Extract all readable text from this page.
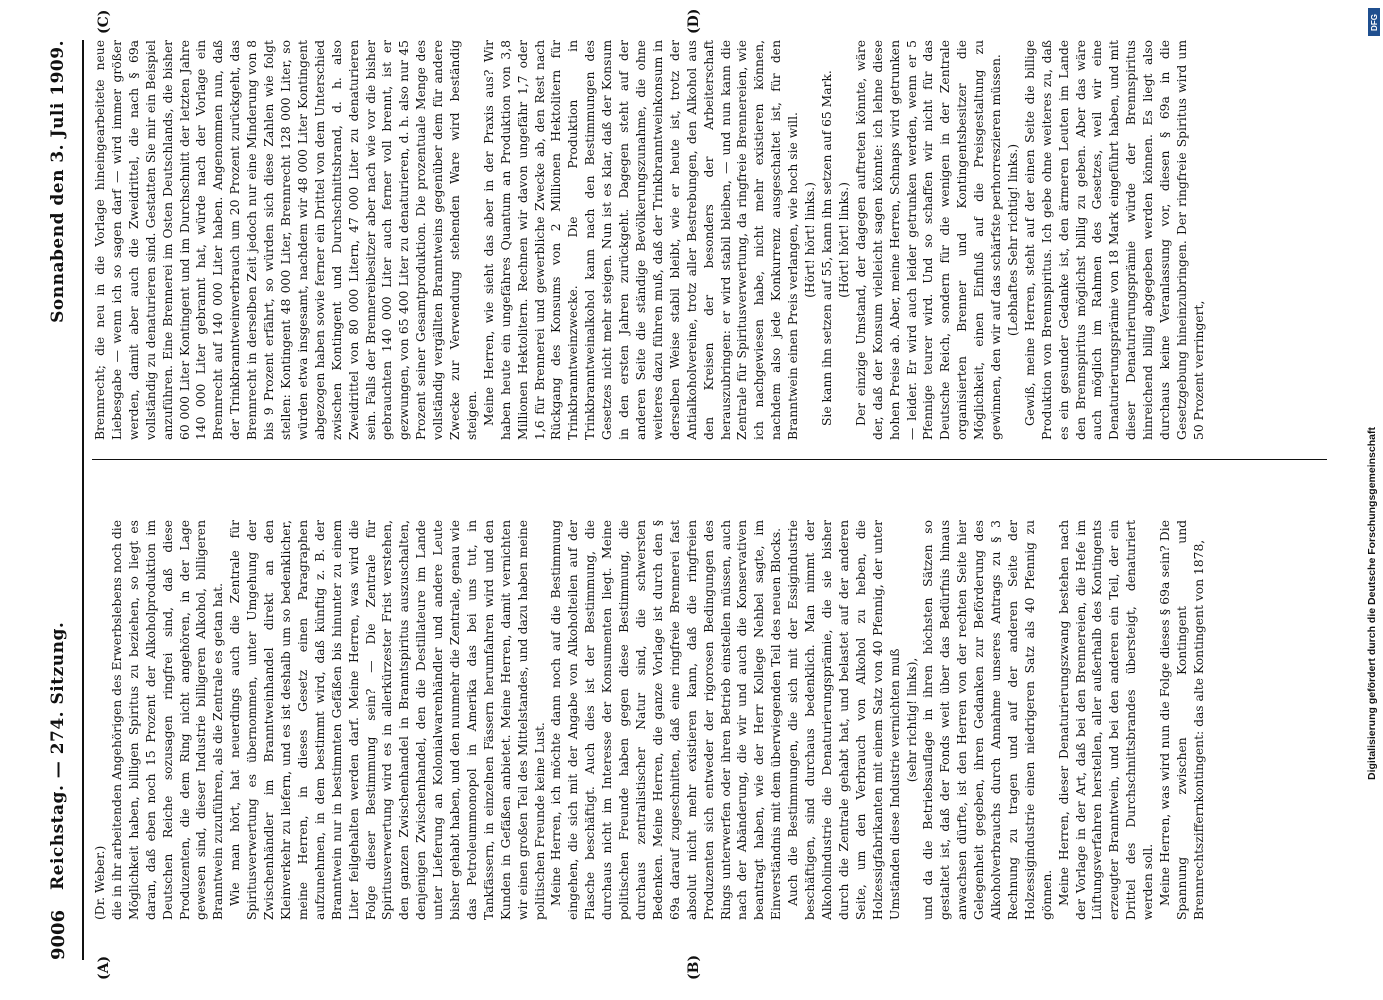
9006
Reichstag. — 274. Sitzung.
Sonnabend den 3. Juli 1909.
(A)	(B)
(C)	(D)

(Dr. Weber.) die in ihr arbeitenden Angehörigen des Erwerbslebens noch die Möglichkeit haben, billigen Spiritus zu beziehen, so liegt es daran, daß eben noch 15 Prozent der Alkoholproduktion im Deutschen Reiche sozusagen ringfrei sind, daß diese Produzenten, die dem Ring nicht angehören, in der Lage gewesen sind, dieser Industrie billigeren Alkohol, billigeren Branntwein zuzuführen, als die Zentrale es getan hat. Wie man hört, hat neuerdings auch die Zentrale für Spiritusverwertung es übernommen, unter Umgehung der Zwischenhändler im Branntweinhandel direkt an den Kleinverkehr zu liefern, und es ist deshalb um so bedenklicher, meine Herren, in dieses Gesetz einen Paragraphen aufzunehmen, in dem bestimmt wird, daß künftig z. B. der Branntwein nur in bestimmten Gefäßen bis hinunter zu einem Liter feilgehalten werden darf. Meine Herren, was wird die Folge dieser Bestimmung sein? — Die Zentrale für Spiritusverwertung wird es in allerkürzester Frist verstehen, den ganzen Zwischenhandel in Branntspiritus auszuschalten, denjenigen Zwischenhandel, den die Destillateure im Lande unter Lieferung an Kolonialwarenhändler und andere Leute bisher gehabt haben, und den nunmehr die Zentrale, genau wie das Petroleummonopol in Amerika das bei uns tut, in Tankfässern, in einzelnen Fässern herumfahren wird und den Kunden in Gefäßen anbietet. Meine Herren, damit vernichten wir einen großen Teil des Mittelstandes, und dazu haben meine politischen Freunde keine Lust. Meine Herren, ich möchte dann noch auf die Bestimmung eingehen, die sich mit der Angabe von Alkoholteilen auf der Flasche beschäftigt. Auch dies ist der Bestimmung, die durchaus nicht im Interesse der Konsumenten liegt. Meine politischen Freunde haben gegen diese Bestimmung, die durchaus zentralistischer Natur sind, die schwersten Bedenken. Meine Herren, die ganze Vorlage ist durch den § 69a darauf zugeschnitten, daß eine ringfreie Brennerei fast absolut nicht mehr existieren kann, daß die ringfreien Produzenten sich entweder der rigorosen Bedingungen des Rings unterwerfen oder ihren Betrieb einstellen müssen, auch nach der Abänderung, die wir und auch die Konservativen beantragt haben, wie der Herr Kollege Nehbel sagte, im Einverständnis mit dem überwiegenden Teil des neuen Blocks. Auch die Bestimmungen, die sich mit der Essigindustrie beschäftigen, sind durchaus bedenklich. Man nimmt der Alkoholindustrie die Denaturierungsprämie, die sie bisher durch die Zentrale gehabt hat, und belastet auf der anderen Seite, um den Verbrauch von Alkohol zu heben, die Holzessigfabrikanten mit einem Satz von 40 Pfennig, der unter Umständen diese Industrie vernichten muß (sehr richtig! links), und da die Betriebsauflage in ihren höchsten Sätzen so gestaltet ist, daß der Fonds weit über das Bedürfnis hinaus anwachsen dürfte, ist den Herren von der rechten Seite hier Gelegenheit gegeben, ihren Gedanken zur Beförderung des Alkoholverbrauchs durch Annahme unseres Antrags zu § 3 Rechnung zu tragen und auf der anderen Seite der Holzessigindustrie einen niedrigeren Satz als 40 Pfennig zu gönnen. Meine Herren, dieser Denaturierungszwang bestehen nach der Vorlage in der Art, daß bei den Brennereien, die Hefe im Lüftungsverfahren herstellen, aller außerhalb des Kontingents erzeugter Branntwein, und bei den anderen ein Teil, der ein Drittel des Durchschnittsbrandes übersteigt, denaturiert werden soll. Meine Herren, was wird nun die Folge dieses § 69a sein? Die Spannung zwischen Kontingent und Brennrechtsziffernkontingent: das alte Kontingent von 1878,

Brennrecht; die neu in die Vorlage hineingearbeitete neue Liebesgabe — wenn ich so sagen darf — wird immer größer werden, damit aber auch die Zweidrittel, die nach § 69a vollständig zu denaturieren sind. Gestatten Sie mir ein Beispiel anzuführen. Eine Brennerei im Osten Deutschlands, die bisher 60 000 Liter Kontingent und im Durchschnitt der letzten Jahre 140 000 Liter gebrannt hat, würde nach der Vorlage ein Brennrecht auf 140 000 Liter haben. Angenommen nun, daß der Trinkbranntweinverbrauch um 20 Prozent zurückgeht, das Brennrecht in derselben Zeit jedoch nur eine Minderung von 8 bis 9 Prozent erfährt, so würden sich diese Zahlen wie folgt stellen: Kontingent 48 000 Liter, Brennrecht 128 000 Liter, so würden etwa insgesamt, nachdem wir 48 000 Liter Kontingent abgezogen haben sowie ferner ein Drittel von dem Unterschied zwischen Kontingent und Durchschnittsbrand, d. h. also Zweidrittel von 80 000 Litern, 47 000 Liter zu denaturieren sein. Falls der Brennereibesitzer aber nach wie vor die bisher gebrauchten 140 000 Liter auch ferner voll brennt, ist er gezwungen, von 65 400 Liter zu denaturieren, d. h. also nur 45 Prozent seiner Gesamtproduktion. Die prozentuale Menge des vollständig vergällten Branntweins gegenüber dem für andere Zwecke zur Verwendung stehenden Ware wird beständig steigen. Meine Herren, wie sieht das aber in der Praxis aus? Wir haben heute ein ungefähres Quantum an Produktion von 3,8 Millionen Hektolitern. Rechnen wir davon ungefähr 1,7 oder 1,6 für Brennerei und gewerbliche Zwecke ab, den Rest nach Rückgang des Konsums von 2 Millionen Hektolitern für Trinkbranntweinzwecke. Die Produktion in Trinkbranntweinalkohol kann nach den Bestimmungen des Gesetzes nicht mehr steigen. Nun ist es klar, daß der Konsum in den ersten Jahren zurückgeht. Dagegen steht auf der anderen Seite die ständige Bevölkerungszunahme, die ohne weiteres dazu führen muß, daß der Trinkbranntweinkonsum in derselben Weise stabil bleibt, wie er heute ist, trotz der Antialkoholvereine, trotz aller Bestrebungen, den Alkohol aus den Kreisen der besonders der Arbeiterschaft herauszubringen: er wird stabil bleiben, — und nun kann die Zentrale für Spiritusverwertung, da ringfreie Brennereien, wie ich nachgewiesen habe, nicht mehr existieren können, nachdem also jede Konkurrenz ausgeschaltet ist, für den Branntwein einen Preis verlangen, wie hoch sie will. (Hört! hört! links.) Sie kann ihn setzen auf 55, kann ihn setzen auf 65 Mark. (Hört! hört! links.) Der einzige Umstand, der dagegen auftreten könnte, wäre der, daß der Konsum vielleicht sagen könnte: ich lehne diese hohen Preise ab. Aber, meine Herren, Schnaps wird getrunken — leider. Er wird auch leider getrunken werden, wenn er 5 Pfennige teurer wird. Und so schaffen wir nicht für das Deutsche Reich, sondern für die wenigen in der Zentrale organisierten Brenner und Kontingentsbesitzer die Möglichkeit, einen Einfluß auf die Preisgestaltung zu gewinnen, den wir auf das schärfste perhorreszieren müssen. (Lebhaftes Sehr richtig! links.) Gewiß, meine Herren, steht auf der einen Seite die billige Produktion von Brennspiritus. Ich gebe ohne weiteres zu, daß es ein gesunder Gedanke ist, den ärmeren Leuten im Lande den Brennspiritus möglichst billig zu geben. Aber das wäre auch möglich im Rahmen des Gesetzes, weil wir eine Denaturierungsprämie von 18 Mark eingeführt haben, und mit dieser Denaturierungsprämie würde der Brennspiritus hinreichend billig abgegeben werden können. Es liegt also durchaus keine Veranlassung vor, diesen § 69a in die Gesetzgebung hineinzubringen. Der ringfreie Spiritus wird um 50 Prozent verringert,

DFG
Digitalisierung gefördert durch die Deutsche Forschungsgemeinschaft
